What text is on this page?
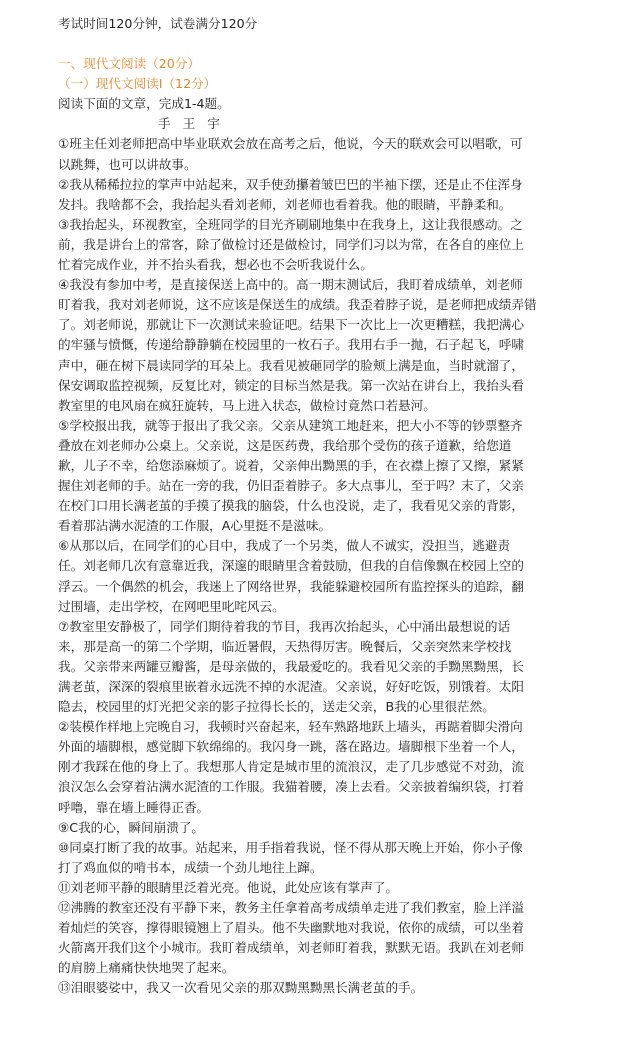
考试时间120分钟，试卷满分120分

一、现代文阅读（20分）

（一）现代文阅读Ⅰ（12分）

阅读下面的文章，完成1-4题。

手 王 宇

①班主任刘老师把高中毕业联欢会放在高考之后，他说，今天的联欢会可以唱歌，可

以跳舞，也可以讲故事。

②我从稀稀拉拉的掌声中站起来，双手使劲攥着皱巴巴的半袖下摆，还是止不住浑身

发抖。我啥都不会，我抬起头看刘老师，刘老师也看着我。他的眼睛，平静柔和。

③我抬起头，环视教室，全班同学的目光齐刷刷地集中在我身上，这让我很感动。之

前，我是讲台上的常客，除了做检讨还是做检讨，同学们习以为常，在各自的座位上

忙着完成作业，并不抬头看我，想必也不会听我说什么。

④我没有参加中考，是直接保送上高中的。高一期末测试后，我盯着成绩单，刘老师

盯着我，我对刘老师说，这不应该是保送生的成绩。我歪着脖子说，是老师把成绩弄错

了。刘老师说，那就让下一次测试来验证吧。结果下一次比上一次更糟糕，我把满心

的牢骚与愤慨，传递给静静躺在校园里的一枚石子。我用右手一抛，石子起飞，呼啸

声中，砸在树下晨读同学的耳朵上。我看见被砸同学的脸颊上满是血，当时就溜了，

保安调取监控视频，反复比对，锁定的目标当然是我。第一次站在讲台上，我抬头看

教室里的电风扇在疯狂旋转，马上进入状态，做检讨竟然口若悬河。

⑤学校报出我，就等于报出了我父亲。父亲从建筑工地赶来，把大小不等的钞票整齐

叠放在刘老师办公桌上。父亲说，这是医药费，我给那个受伤的孩子道歉，给您道

歉，儿子不幸，给您添麻烦了。说着，父亲伸出黝黑的手，在衣襟上擦了又擦，紧紧

握住刘老师的手。站在一旁的我，仍旧歪着脖子。多大点事儿，至于吗？末了，父亲

在校门口用长满老茧的手摸了摸我的脑袋，什么也没说，走了，我看见父亲的背影，

看着那沾满水泥渣的工作服，A心里挺不是滋味。

⑥从那以后，在同学们的心目中，我成了一个另类，做人不诚实，没担当，逃避责

任。刘老师几次有意靠近我，深邃的眼睛里含着鼓励，但我的自信像飘在校园上空的

浮云。一个偶然的机会，我迷上了网络世界，我能躲避校园所有监控探头的追踪，翻

过围墙，走出学校，在网吧里叱咤风云。

⑦教室里安静极了，同学们期待着我的节目，我再次抬起头，心中涌出最想说的话

来，那是高一的第二个学期，临近暑假，天热得厉害。晚餐后，父亲突然来学校找

我。父亲带来两罐豆瓣酱，是母亲做的，我最爱吃的。我看见父亲的手黝黑黝黑，长

满老茧，深深的裂痕里嵌着永远洗不掉的水泥渣。父亲说，好好吃饭，别饿着。太阳

隐去，校园里的灯光把父亲的影子拉得长长的，送走父亲，B我的心里很茫然。

②装模作样地上完晚自习，我顿时兴奋起来，轻车熟路地跃上墙头，再踮着脚尖滑向

外面的墙脚根，感觉脚下软绵绵的。我闪身一跳，落在路边。墙脚根下坐着一个人，

刚才我踩在他的身上了。我想那人肯定是城市里的流浪汉，走了几步感觉不对劲，流

浪汉怎么会穿着沾满水泥渣的工作服。我猫着腰，凑上去看。父亲披着编织袋，打着

呼噜，靠在墙上睡得正香。

⑨C我的心，瞬间崩溃了。

⑩同桌打断了我的故事。站起来，用手指着我说，怪不得从那天晚上开始，你小子像

打了鸡血似的啃书本，成绩一个劲儿地往上蹿。

⑪刘老师平静的眼睛里泛着光亮。他说，此处应该有掌声了。

⑫沸腾的教室还没有平静下来，教务主任拿着高考成绩单走进了我们教室，脸上洋溢

着灿烂的笑容，撑得眼镜翘上了眉头。他不失幽默地对我说，依你的成绩，可以坐着

火箭离开我们这个小城市。我盯着成绩单，刘老师盯着我，默默无语。我趴在刘老师

的肩膀上痛痛快快地哭了起来。

⑬泪眼婆娑中，我又一次看见父亲的那双黝黑黝黑长满老茧的手。
